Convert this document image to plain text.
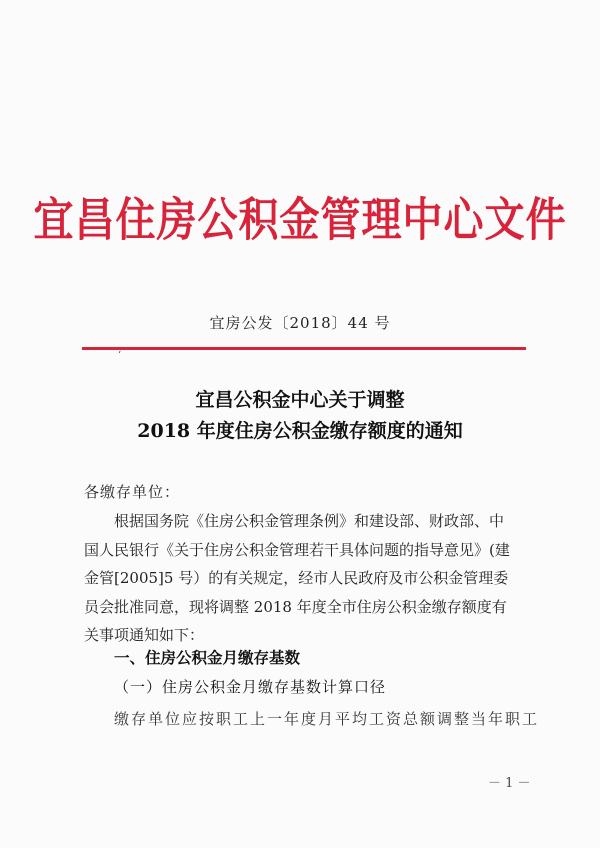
宜昌住房公积金管理中心文件
宜房公发〔2018〕44 号
‘
宜昌公积金中心关于调整
2018 年度住房公积金缴存额度的通知
各缴存单位：
根据国务院《住房公积金管理条例》和建设部、财政部、中
国人民银行《关于住房公积金管理若干具体问题的指导意见》(建
金管[2005]5 号）的有关规定，经市人民政府及市公积金管理委
员会批准同意，现将调整 2018 年度全市住房公积金缴存额度有
关事项通知如下：
一、住房公积金月缴存基数
（一）住房公积金月缴存基数计算口径
缴存单位应按职工上一年度月平均工资总额调整当年职工
－ 1 －
